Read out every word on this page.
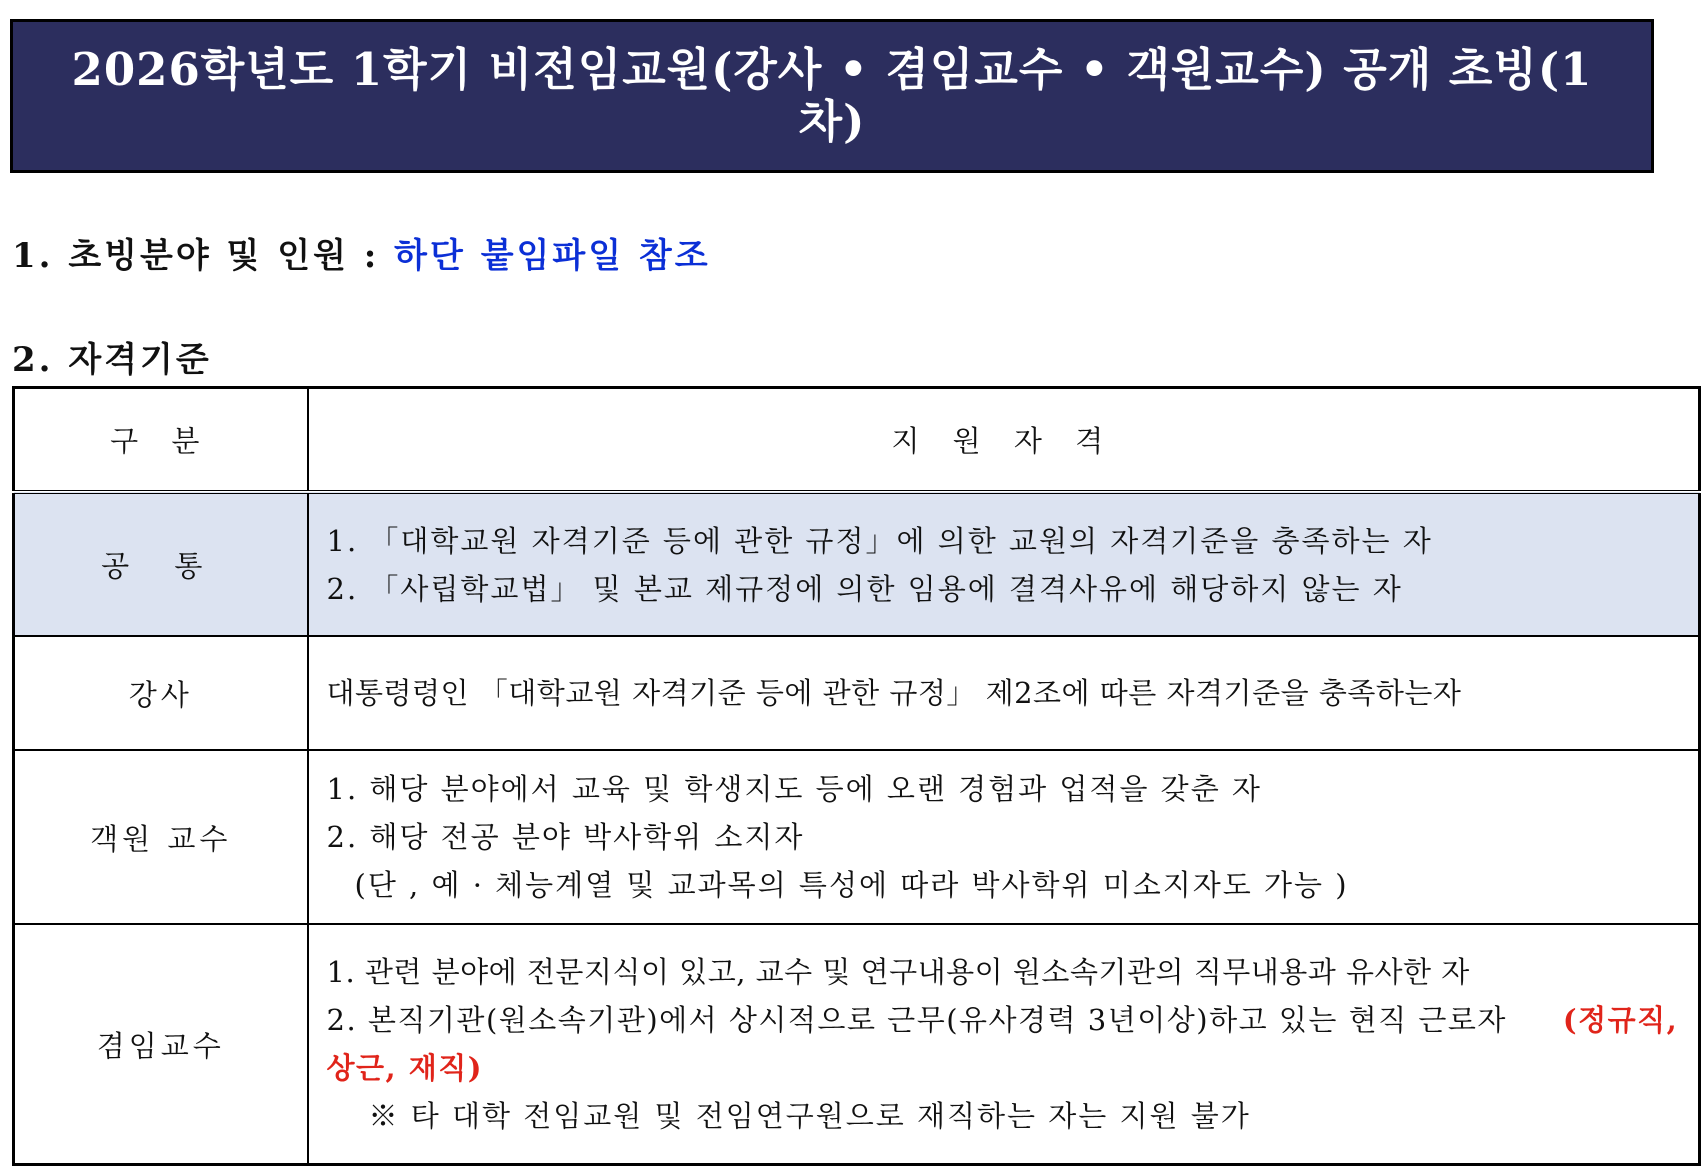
2026학년도 1학기 비전임교원(강사 • 겸임교수 • 객원교수) 공개 초빙(1차)

1. 초빙분야 및 인원 : 하단 붙임파일 참조

2. 자격기준

구 분	지 원 자 격
공 통	1. 「대학교원 자격기준 등에 관한 규정」에 의한 교원의 자격기준을 충족하는 자
2. 「사립학교법」 및 본교 제규정에 의한 임용에 결격사유에 해당하지 않는 자

강사	대통령령인 「대학교원 자격기준 등에 관한 규정」 제2조에 따른 자격기준을 충족하는자

객원 교수	1. 해당 분야에서 교육 및 학생지도 등에 오랜 경험과 업적을 갖춘 자
2. 해당 전공 분야 박사학위 소지자
(단 , 예 · 체능계열 및 교과목의 특성에 따라 박사학위 미소지자도 가능 )

겸임교수	1. 관련 분야에 전문지식이 있고, 교수 및 연구내용이 원소속기관의 직무내용과 유사한 자
2. 본직기관(원소속기관)에서 상시적으로 근무(유사경력 3년이상)하고 있는 현직 근로자 (정규직, 상근, 재직)
※ 타 대학 전임교원 및 전임연구원으로 재직하는 자는 지원 불가
